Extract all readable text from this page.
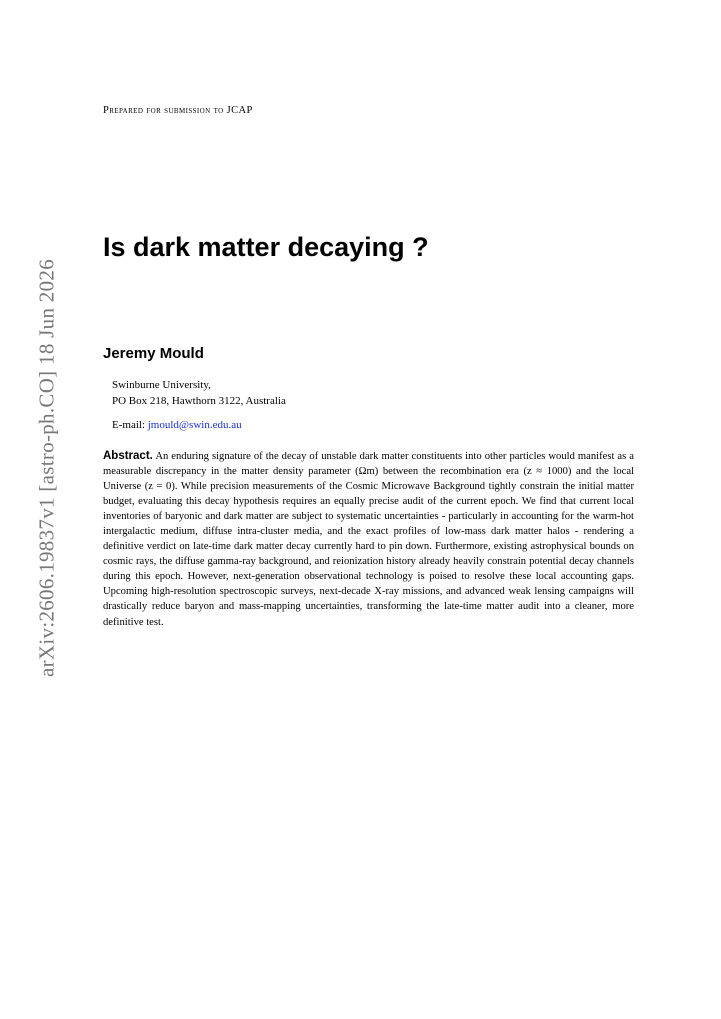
arXiv:2606.19837v1 [astro-ph.CO] 18 Jun 2026
Prepared for submission to JCAP
Is dark matter decaying ?
Jeremy Mould
Swinburne University,
PO Box 218, Hawthorn 3122, Australia
E-mail: jmould@swin.edu.au

Abstract. An enduring signature of the decay of unstable dark matter constituents into other particles would manifest as a measurable discrepancy in the matter density parameter (Ωm) between the recombination era (z ≈ 1000) and the local Universe (z = 0). While precision measurements of the Cosmic Microwave Background tightly constrain the initial matter budget, evaluating this decay hypothesis requires an equally precise audit of the current epoch. We find that current local inventories of baryonic and dark matter are subject to systematic uncertainties - particularly in accounting for the warm-hot intergalactic medium, diffuse intra-cluster media, and the exact profiles of low-mass dark matter halos - rendering a definitive verdict on late-time dark matter decay currently hard to pin down. Furthermore, existing astrophysical bounds on cosmic rays, the diffuse gamma-ray background, and reionization history already heavily constrain potential decay channels during this epoch. However, next-generation observational technology is poised to resolve these local accounting gaps. Upcoming high-resolution spectroscopic surveys, next-decade X-ray missions, and advanced weak lensing campaigns will drastically reduce baryon and mass-mapping uncertainties, transforming the late-time matter audit into a cleaner, more definitive test.
